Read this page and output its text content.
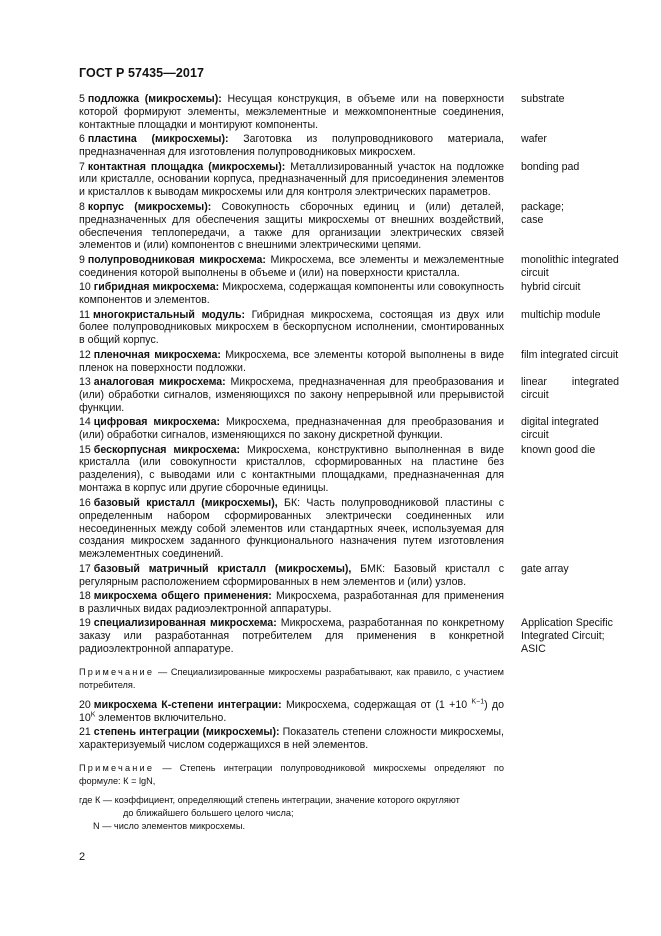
ГОСТ Р 57435—2017
5 подложка (микросхемы): Несущая конструкция, в объеме или на поверхности которой формируют элементы, межэлементные и межкомпонентные соединения, контактные площадки и монтируют компоненты.
substrate
6 пластина (микросхемы): Заготовка из полупроводникового материала, предназначенная для изготовления полупроводниковых микросхем.
wafer
7 контактная площадка (микросхемы): Металлизированный участок на подложке или кристалле, основании корпуса, предназначенный для присоединения элементов и кристаллов к выводам микросхемы или для контроля электрических параметров.
bonding pad
8 корпус (микросхемы): Совокупность сборочных единиц и (или) деталей, предназначенных для обеспечения защиты микросхемы от внешних воздействий, обеспечения теплопередачи, а также для организации электрических связей элементов и (или) компонентов с внешними электрическими цепями.
package;
case
9 полупроводниковая микросхема: Микросхема, все элементы и межэлементные соединения которой выполнены в объеме и (или) на поверхности кристалла.
monolithic integrated circuit
10 гибридная микросхема: Микросхема, содержащая компоненты или совокупность компонентов и элементов.
hybrid circuit
11 многокристальный модуль: Гибридная микросхема, состоящая из двух или более полупроводниковых микросхем в бескорпусном исполнении, смонтированных в общий корпус.
multichip module
12 пленочная микросхема: Микросхема, все элементы которой выполнены в виде пленок на поверхности подложки.
film integrated circuit
13 аналоговая микросхема: Микросхема, предназначенная для преобразования и (или) обработки сигналов, изменяющихся по закону непрерывной или прерывистой функции.
linear integrated circuit
14 цифровая микросхема: Микросхема, предназначенная для преобразования и (или) обработки сигналов, изменяющихся по закону дискретной функции.
digital integrated circuit
15 бескорпусная микросхема: Микросхема, конструктивно выполненная в виде кристалла (или совокупности кристаллов, сформированных на пластине без разделения), с выводами или с контактными площадками, предназначенная для монтажа в корпус или другие сборочные единицы.
known good die
16 базовый кристалл (микросхемы), БК: Часть полупроводниковой пластины с определенным набором сформированных электрически соединенных или несоединенных между собой элементов или стандартных ячеек, используемая для создания микросхем заданного функционального назначения путем изготовления межэлементных соединений.
17 базовый матричный кристалл (микросхемы), БМК: Базовый кристалл с регулярным расположением сформированных в нем элементов и (или) узлов.
gate array
18 микросхема общего применения: Микросхема, разработанная для применения в различных видах радиоэлектронной аппаратуры.
19 специализированная микросхема: Микросхема, разработанная по конкретному заказу или разработанная потребителем для применения в конкретной радиоэлектронной аппаратуре.
Application Specific
Integrated Circuit;
ASIC
Примечание — Специализированные микросхемы разрабатывают, как правило, с участием потребителя.
20 микросхема К-степени интеграции: Микросхема, содержащая от (1 +10 $^{K-1}$) до $10^K$ элементов включительно.
21 степень интеграции (микросхемы): Показатель степени сложности микросхемы, характеризуемый числом содержащихся в ней элементов.
Примечание — Степень интеграции полупроводниковой микросхемы определяют по формуле: К = lgN,
где К — коэффициент, определяющий степень интеграции, значение которого округляют
до ближайшего большего целого числа;
N — число элементов микросхемы.
2
